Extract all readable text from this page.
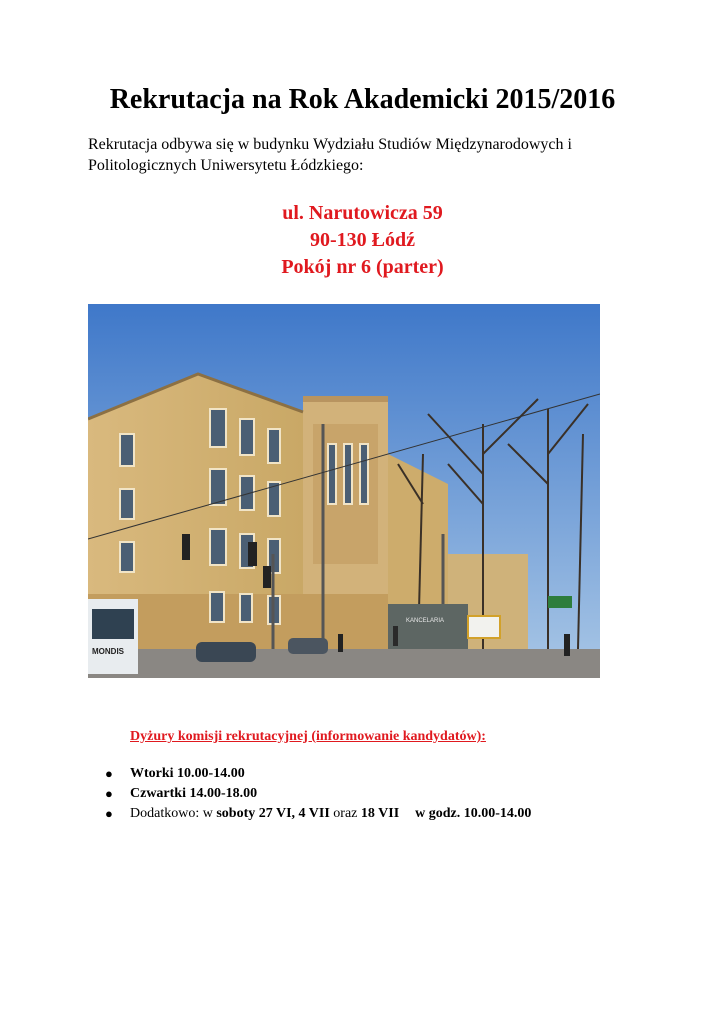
Rekrutacja na Rok Akademicki 2015/2016

Rekrutacja odbywa się w budynku Wydziału Studiów Międzynarodowych i Politologicznych Uniwersytetu Łódzkiego:

ul. Narutowicza 59
90-130 Łódź
Pokój nr 6 (parter)
KANCELARIA
MONDIS
Dyżury komisji rekrutacyjnej (informowanie kandydatów):
● Wtorki 10.00-14.00
● Czwartki 14.00-18.00
● Dodatkowo: w soboty 27 VI, 4 VII oraz 18 VII w godz. 10.00-14.00
